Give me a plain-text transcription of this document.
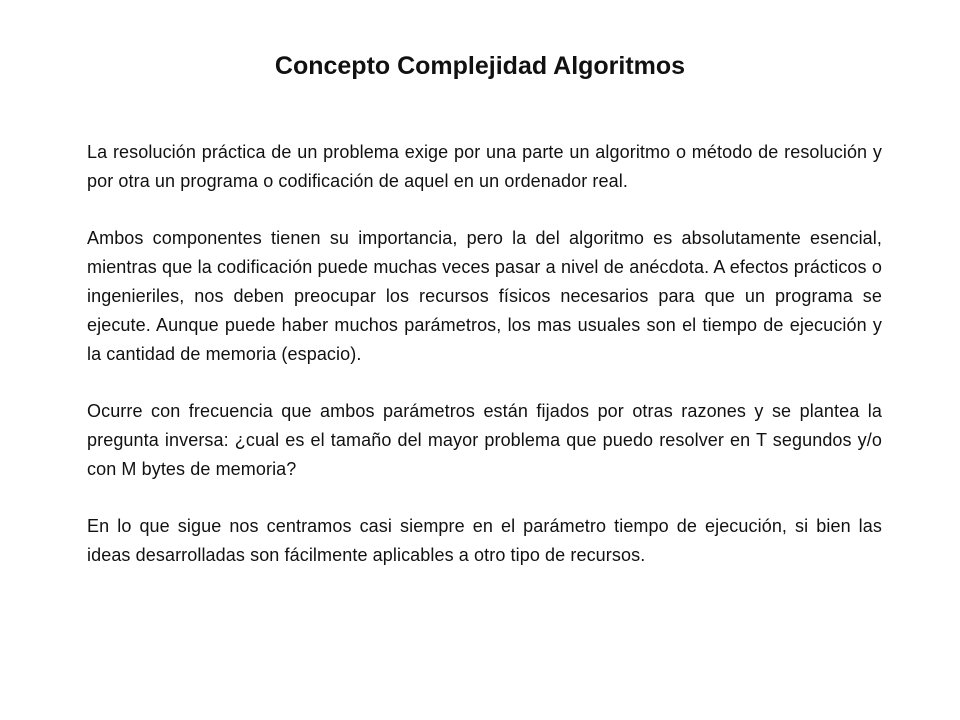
Concepto Complejidad Algoritmos

La resolución práctica de un problema exige por una parte un algoritmo o método de resolución y por otra un programa o codificación de aquel en un ordenador real.

Ambos componentes tienen su importancia, pero la del algoritmo es absolutamente esencial, mientras que la codificación puede muchas veces pasar a nivel de anécdota. A efectos prácticos o ingenieriles, nos deben preocupar los recursos físicos necesarios para que un programa se ejecute. Aunque puede haber muchos parámetros, los mas usuales son el tiempo de ejecución y la cantidad de memoria (espacio).

Ocurre con frecuencia que ambos parámetros están fijados por otras razones y se plantea la pregunta inversa: ¿cual es el tamaño del mayor problema que puedo resolver en T segundos y/o con M bytes de memoria?

En lo que sigue nos centramos casi siempre en el parámetro tiempo de ejecución, si bien las ideas desarrolladas son fácilmente aplicables a otro tipo de recursos.
